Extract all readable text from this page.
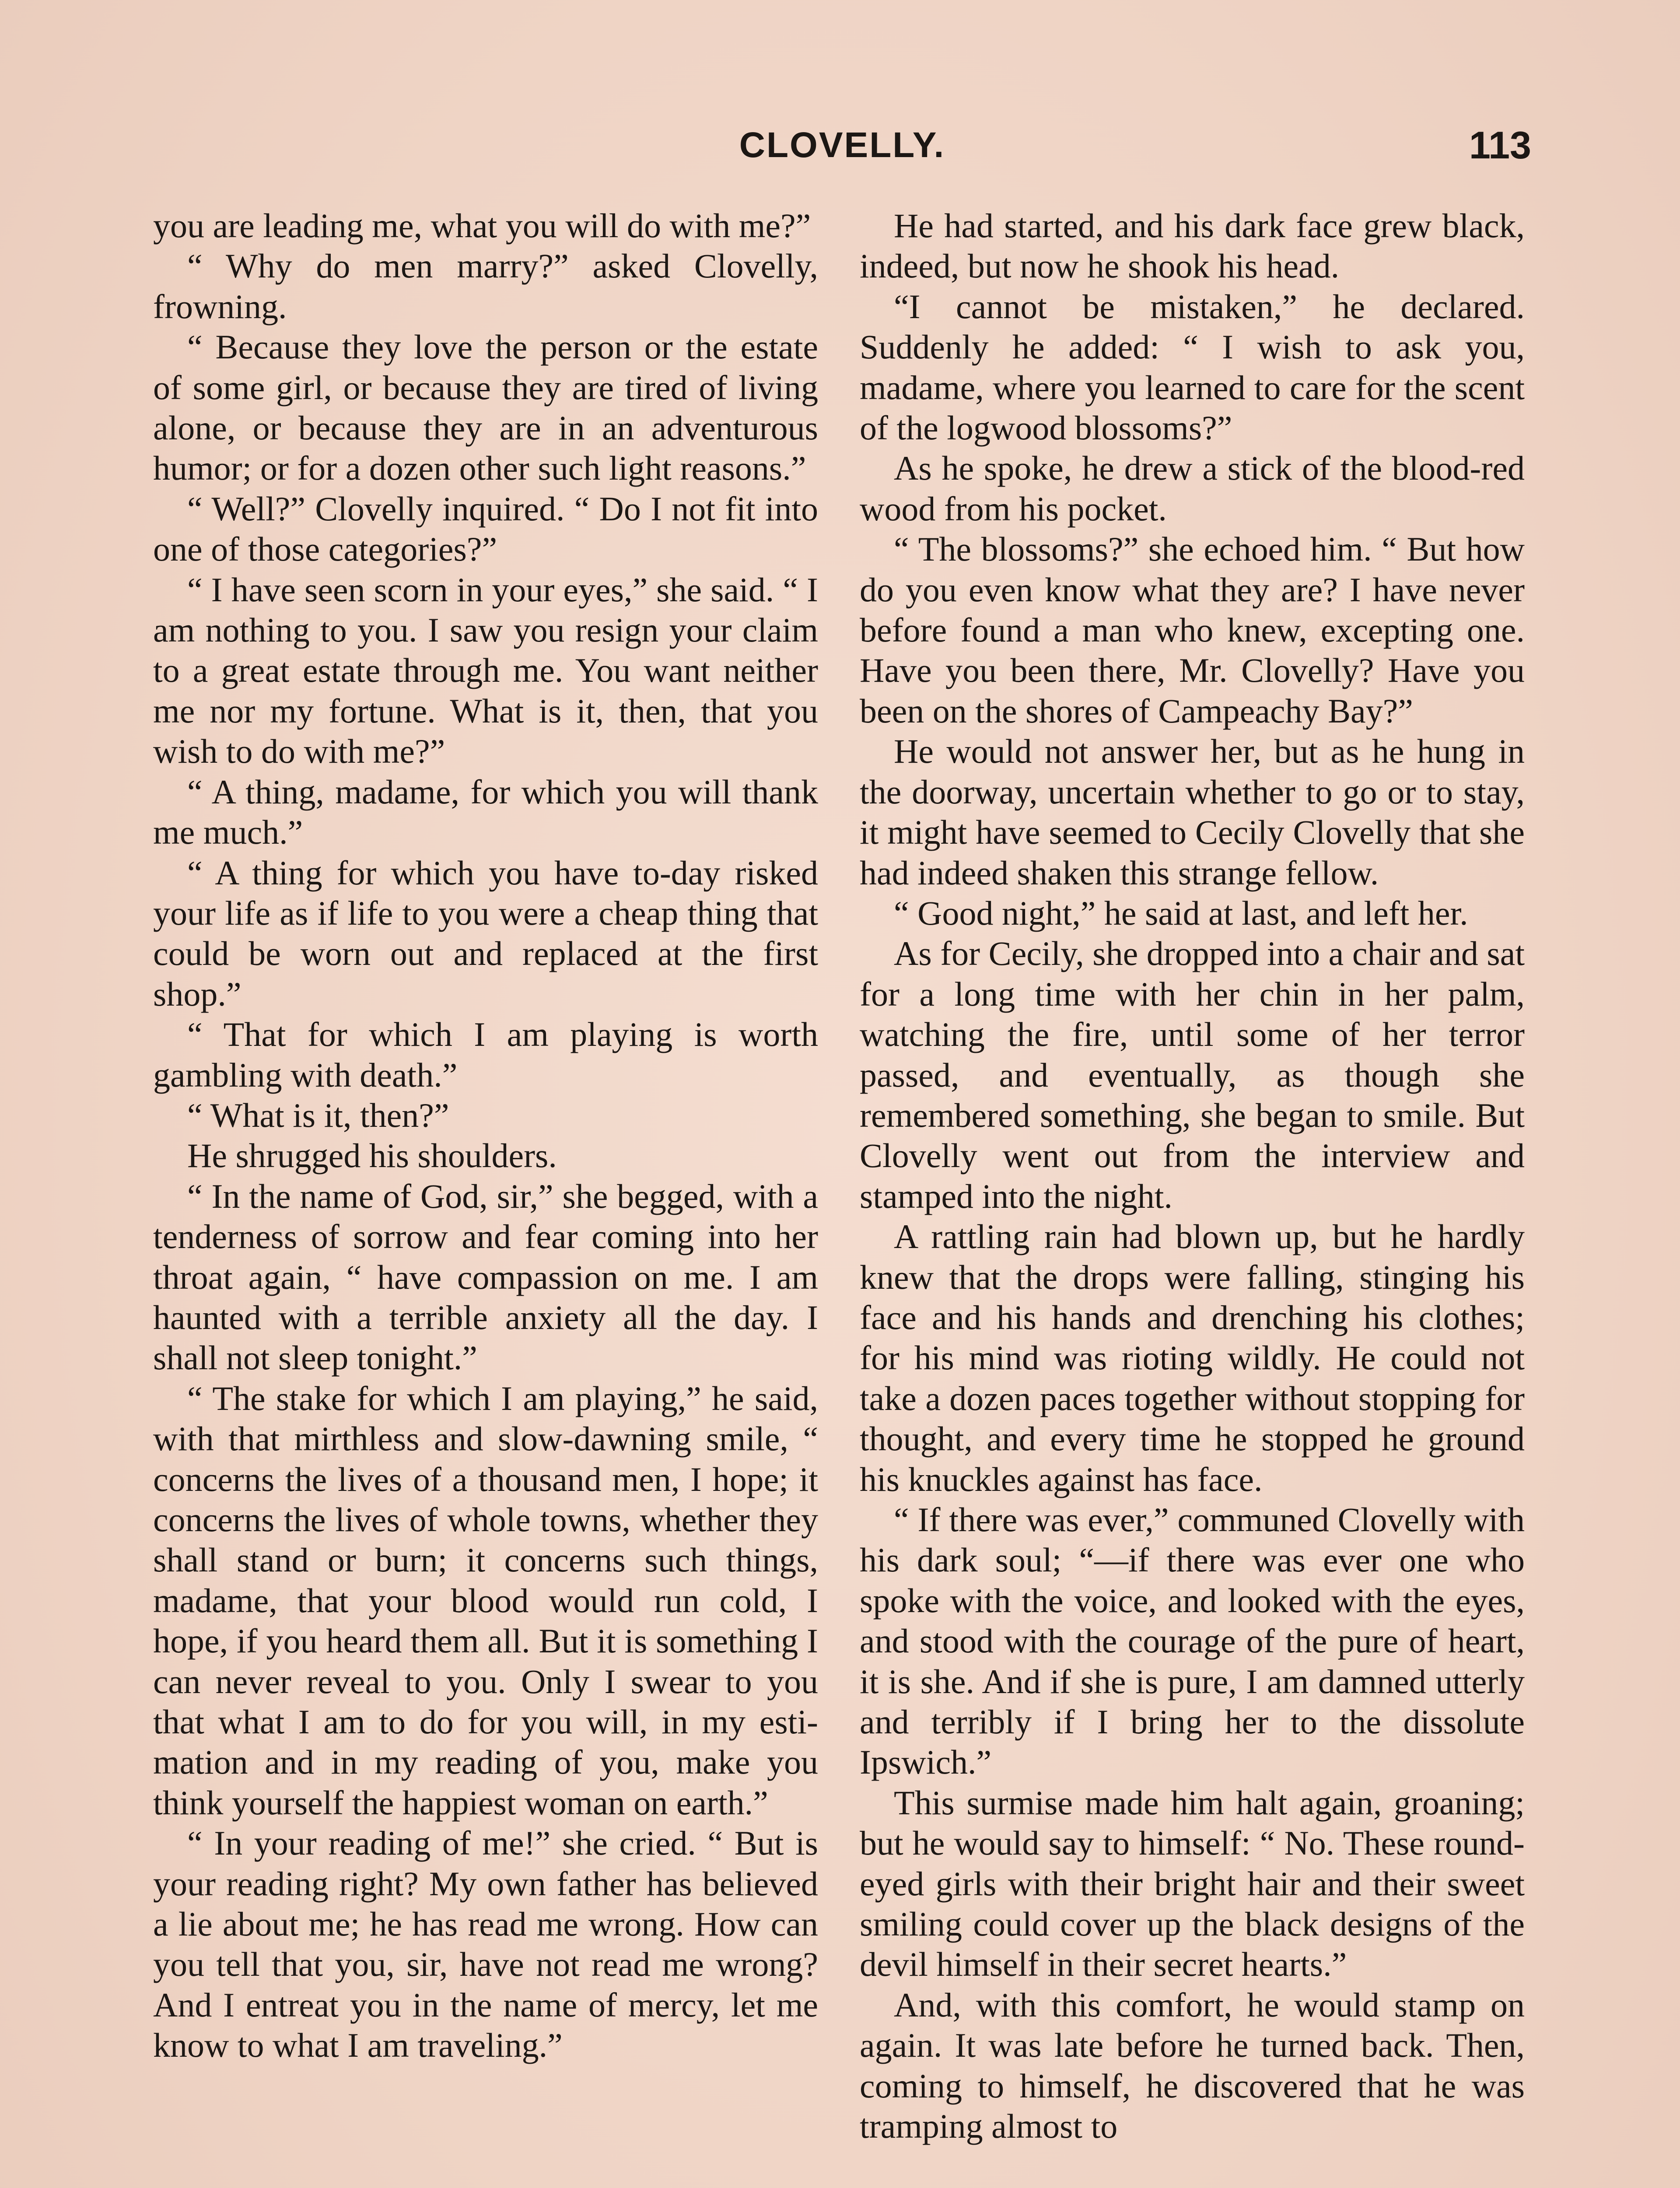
CLOVELLY.	113

you are leading me, what you will do with me?”

“ Why do men marry?” asked Clovelly, frowning.

“ Because they love the person or the estate of some girl, or because they are tired of living alone, or because they are in an adventurous humor; or for a dozen other such light reasons.”

“ Well?” Clovelly inquired. “ Do I not fit into one of those categories?”

“ I have seen scorn in your eyes,” she said. “ I am nothing to you. I saw you resign your claim to a great estate through me. You want neither me nor my fortune. What is it, then, that you wish to do with me?”

“ A thing, madame, for which you will thank me much.”

“ A thing for which you have to-day risked your life as if life to you were a cheap thing that could be worn out and replaced at the first shop.”

“ That for which I am playing is worth gambling with death.”

“ What is it, then?”

He shrugged his shoulders.

“ In the name of God, sir,” she begged, with a tenderness of sorrow and fear coming into her throat again, “ have compassion on me. I am haunted with a terrible anxiety all the day. I shall not sleep tonight.”

“ The stake for which I am playing,” he said, with that mirthless and slow-dawning smile, “ concerns the lives of a thousand men, I hope; it concerns the lives of whole towns, whether they shall stand or burn; it concerns such things, madame, that your blood would run cold, I hope, if you heard them all. But it is something I can never reveal to you. Only I swear to you that what I am to do for you will, in my estimation and in my reading of you, make you think yourself the happiest woman on earth.”

“ In your reading of me!” she cried. “ But is your reading right? My own father has believed a lie about me; he has read me wrong. How can you tell that you, sir, have not read me wrong? And I entreat you in the name of mercy, let me know to what I am traveling.”

He had started, and his dark face grew black, indeed, but now he shook his head.

“I cannot be mistaken,” he declared. Suddenly he added: “ I wish to ask you, madame, where you learned to care for the scent of the logwood blossoms?”

As he spoke, he drew a stick of the blood-red wood from his pocket.

“ The blossoms?” she echoed him. “ But how do you even know what they are? I have never before found a man who knew, excepting one. Have you been there, Mr. Clovelly? Have you been on the shores of Campeachy Bay?”

He would not answer her, but as he hung in the doorway, uncertain whether to go or to stay, it might have seemed to Cecily Clovelly that she had indeed shaken this strange fellow.

“ Good night,” he said at last, and left her.

As for Cecily, she dropped into a chair and sat for a long time with her chin in her palm, watching the fire, until some of her terror passed, and eventually, as though she remembered something, she began to smile. But Clovelly went out from the interview and stamped into the night.

A rattling rain had blown up, but he hardly knew that the drops were falling, stinging his face and his hands and drenching his clothes; for his mind was rioting wildly. He could not take a dozen paces together without stopping for thought, and every time he stopped he ground his knuckles against has face.

“ If there was ever,” communed Clovelly with his dark soul; “—if there was ever one who spoke with the voice, and looked with the eyes, and stood with the courage of the pure of heart, it is she. And if she is pure, I am damned utterly and terribly if I bring her to the dissolute Ipswich.”

This surmise made him halt again, groaning; but he would say to himself: “ No. These round-eyed girls with their bright hair and their sweet smiling could cover up the black designs of the devil himself in their secret hearts.”

And, with this comfort, he would stamp on again. It was late before he turned back. Then, coming to himself, he discovered that he was tramping almost to
